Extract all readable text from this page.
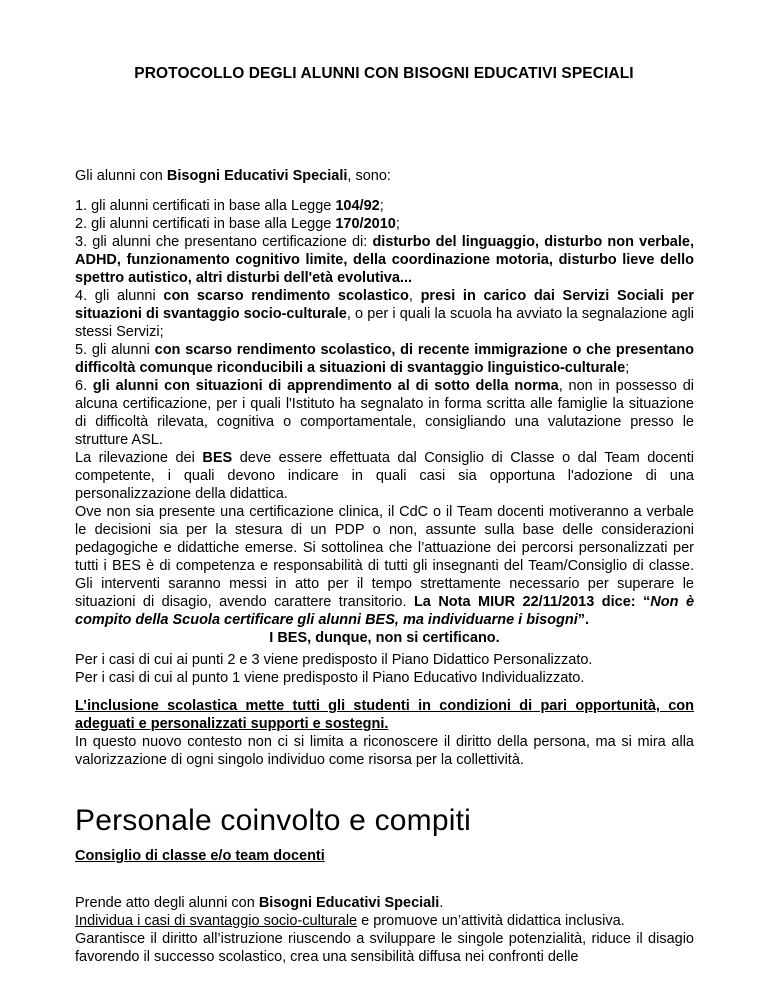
PROTOCOLLO DEGLI ALUNNI CON BISOGNI EDUCATIVI SPECIALI
Gli alunni con Bisogni Educativi Speciali, sono:
1. gli alunni certificati in base alla Legge 104/92;
2. gli alunni certificati in base alla Legge 170/2010;
3. gli alunni che presentano certificazione di: disturbo del linguaggio, disturbo non verbale, ADHD, funzionamento cognitivo limite, della coordinazione motoria, disturbo lieve dello spettro autistico, altri disturbi dell'età evolutiva...
4. gli alunni con scarso rendimento scolastico, presi in carico dai Servizi Sociali per situazioni di svantaggio socio-culturale, o per i quali la scuola ha avviato la segnalazione agli stessi Servizi;
5. gli alunni con scarso rendimento scolastico, di recente immigrazione o che presentano difficoltà comunque riconducibili a situazioni di svantaggio linguistico-culturale;
6. gli alunni con situazioni di apprendimento al di sotto della norma, non in possesso di alcuna certificazione, per i quali l'Istituto ha segnalato in forma scritta alle famiglie la situazione di difficoltà rilevata, cognitiva o comportamentale, consigliando una valutazione presso le strutture ASL.
La rilevazione dei BES deve essere effettuata dal Consiglio di Classe o dal Team docenti competente, i quali devono indicare in quali casi sia opportuna l'adozione di una personalizzazione della didattica.
Ove non sia presente una certificazione clinica, il CdC o il Team docenti motiveranno a verbale le decisioni sia per la stesura di un PDP o non, assunte sulla base delle considerazioni pedagogiche e didattiche emerse. Si sottolinea che l’attuazione dei percorsi personalizzati per tutti i BES è di competenza e responsabilità di tutti gli insegnanti del Team/Consiglio di classe. Gli interventi saranno messi in atto per il tempo strettamente necessario per superare le situazioni di disagio, avendo carattere transitorio. La Nota MIUR 22/11/2013 dice: “Non è compito della Scuola certificare gli alunni BES, ma individuarne i bisogni”.
I BES, dunque, non si certificano.
Per i casi di cui ai punti 2 e 3 viene predisposto il Piano Didattico Personalizzato.
Per i casi di cui al punto 1 viene predisposto il Piano Educativo Individualizzato.
L’inclusione scolastica mette tutti gli studenti in condizioni di pari opportunità, con adeguati e personalizzati supporti e sostegni.
In questo nuovo contesto non ci si limita a riconoscere il diritto della persona, ma si mira alla valorizzazione di ogni singolo individuo come risorsa per la collettività.
Personale coinvolto e compiti
Consiglio di classe e/o team docenti
Prende atto degli alunni con Bisogni Educativi Speciali.
Individua i casi di svantaggio socio-culturale e promuove un’attività didattica inclusiva.
Garantisce il diritto all’istruzione riuscendo a sviluppare le singole potenzialità, riduce il disagio favorendo il successo scolastico, crea una sensibilità diffusa nei confronti delle
